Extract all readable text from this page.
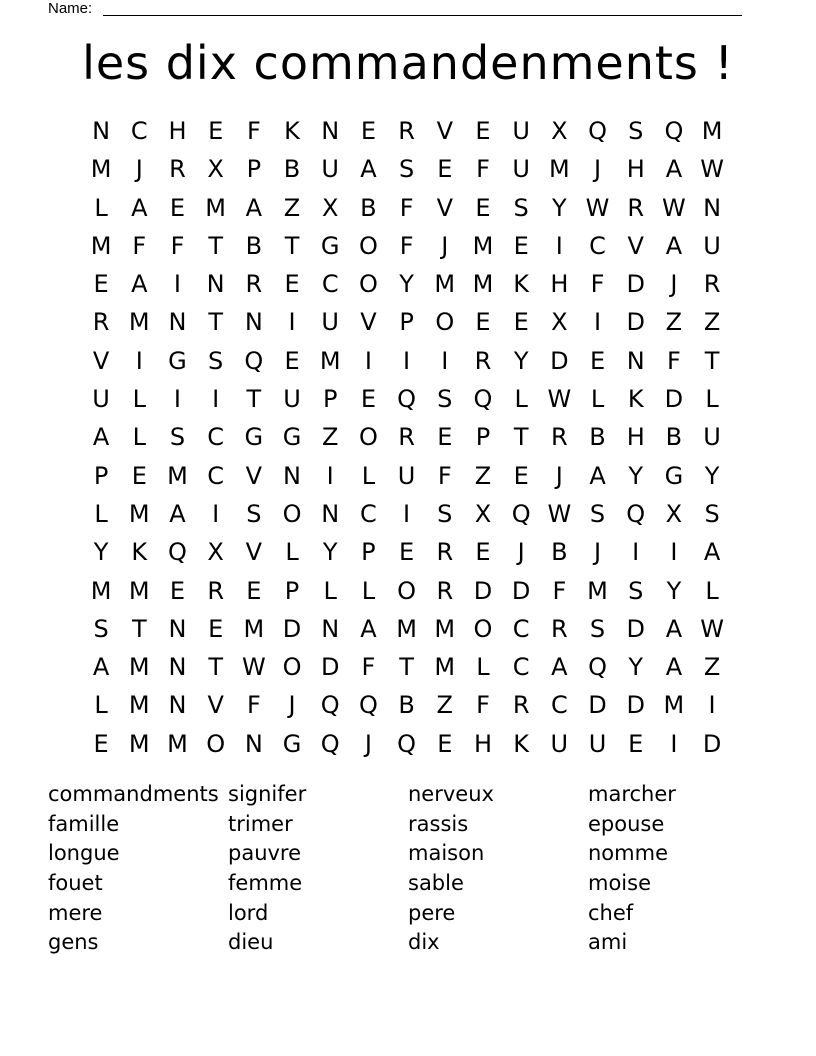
Name:
les dix commandenments !
N C H E F K N E R V E U X Q S Q M
M	J	R X P B U A S E F U M	J	H A W
L A E M A Z X B F V E S Y W R W N
M F	F T B T G O F	J	M E	I	C V A U
E A	I	N R E C O Y M M K H F D	J	R
R M N T N	I	U V P O E E X	I	D Z Z
V	I	G S Q E M	I	I	I	R Y D E N F T
U L	I	I	T U P E Q S Q L W L K D L
A L S C G G Z O R E P T R B H B U
P E M C V N	I	L U F Z E	J	A Y G Y
L M A	I	S O N C	I	S X Q W S Q X S
Y K Q X V L	Y P E R E	J	B	J	I	I	A
M M E R E P	L	L O R D D F M S Y	L
S T N E M D N A M M O C R S D A W
A M N T W O D F T M L C A Q Y A Z
L M N V F	J	Q Q B Z F R C D D M	I
E M M O N G Q	J	Q E H K U U E	I	D
commandments signifer	nerveux	marcher
famille	trimer	rassis	epouse
longue	pauvre	maison	nomme
fouet	femme	sable	moise
mere	lord	pere	chef
gens	dieu	dix	ami
